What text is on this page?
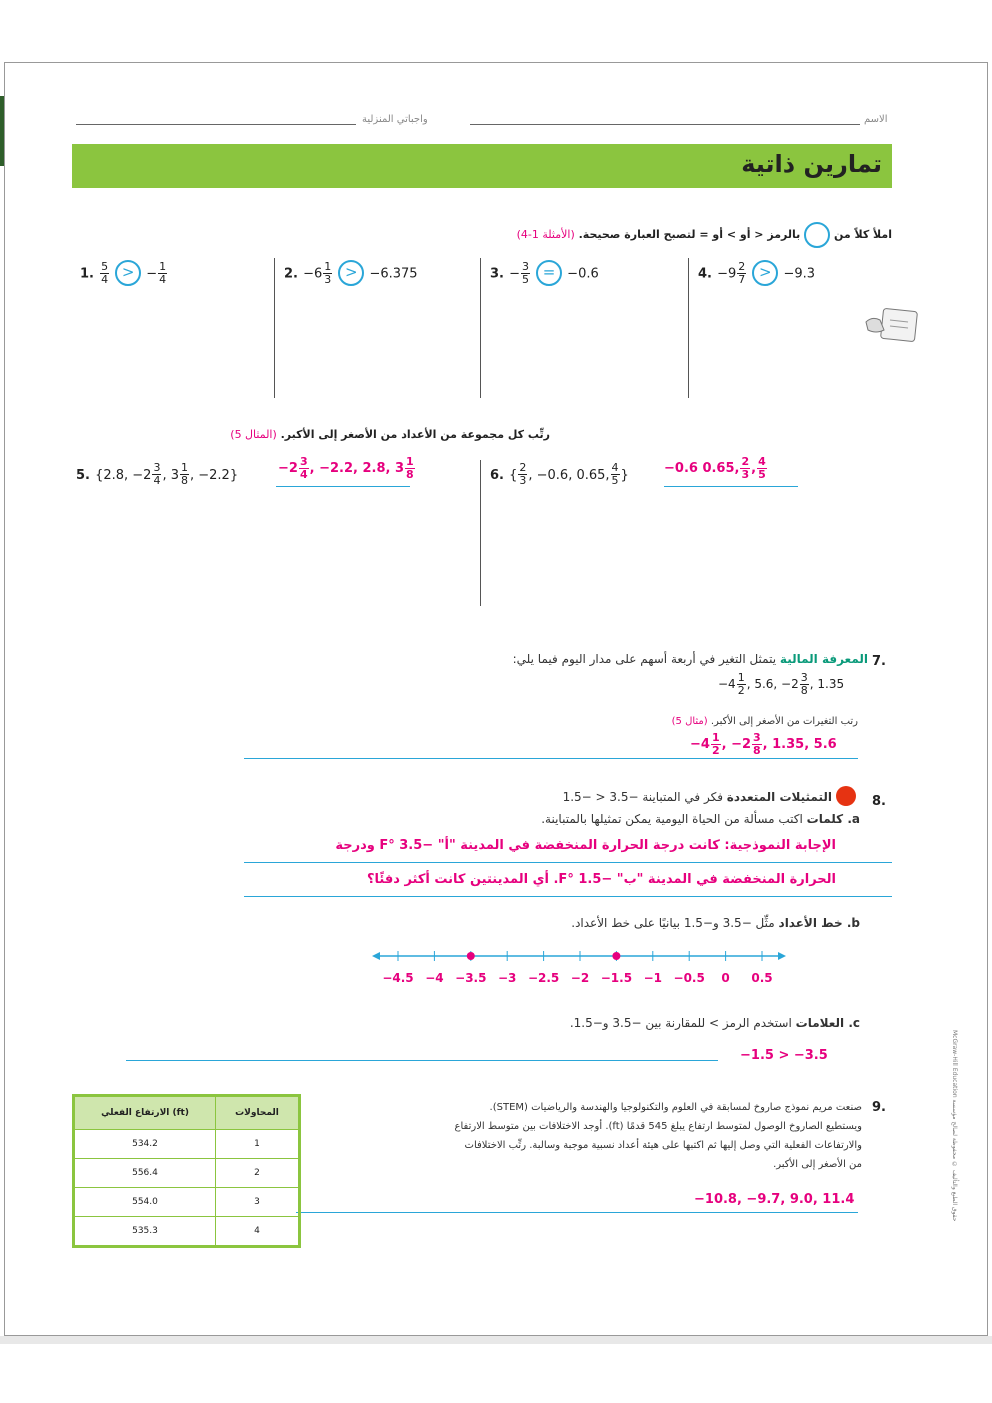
واجباتي المنزلية	الاسم
تمارين ذاتية
املأ كلاً من  بالرمز < أو > أو = لتصبح العبارة صحيحة. (الأمثلة 1-4)
1. $\frac{5}{4}$ > − $\frac{1}{4}$	2. $-6 \frac{1}{3} > -6.375$	3. − $\frac{3}{5} = -0.6$	4. $-9 \frac{2}{7} > -9.3$
رتِّب كل مجموعة من الأعداد من الأصغر إلى الأكبر. (المثال 5)
5. {2.8, $-2 \frac{3}{4}$ , $3 \frac{1}{8}$ , −2.2}	$-2 \frac{3}{4}$ , −2.2, 2.8, $3 \frac{1}{8}$	6. { $\frac{2}{3}$ , −0.6, 0.65, $\frac{4}{5}$ }	−0.6 0.65, $\frac{2}{3}$ , $\frac{4}{5}$
7.
المعرفة المالية يتمثل التغير في أربعة أسهم على مدار اليوم فيما يلي:
$-4 \frac{1}{2}$ , 5.6, $-2 \frac{3}{8}$ , 1.35
رتب التغيرات من الأصغر إلى الأكبر. (مثال 5)
$-4 \frac{1}{2}$ , $-2 \frac{3}{8}$ , 1.35, 5.6
8.
التمثيلات المتعددة فكر في المتباينة −3.5 < −1.5
a. كلمات اكتب مسألة من الحياة اليومية يمكن تمثيلها بالمتباينة.
الإجابة النموذجية: كانت درجة الحرارة المنخفضة في المدينة "أ" −3.5 °F ودرجة
الحرارة المنخفضة في المدينة "ب" −1.5 °F. أي المدينتين كانت أكثر دفئًا؟
b. خط الأعداد مثِّل −3.5 و−1.5 بيانيًا على خط الأعداد.
−4.5 −4 −3.5 −3 −2.5 −2 −1.5 −1 −0.5 0 0.5
c. العلامات استخدم الرمز > للمقارنة بين −3.5 و−1.5.
−1.5 > −3.5
9.
صنعت مريم نموذج صاروخ لمسابقة في العلوم والتكنولوجيا والهندسة والرياضيات (STEM).
ويستطيع الصاروخ الوصول لمتوسط ارتفاع يبلغ 545 قدمًا (ft). أوجد الاختلافات بين متوسط الارتفاع
والارتفاعات الفعلية التي وصل إليها ثم اكتبها على هيئة أعداد نسبية موجبة وسالبة. رتِّب الاختلافات
من الأصغر إلى الأكبر.
−10.8, −9.7, 9.0, 11.4
الارتفاع الفعلي (ft)	المحاولات
534.2	1
556.4	2
554.0	3
535.3	4
McGraw-Hill Education حقوق الطبع والتأليف © محفوظة لصالح مؤسسة
